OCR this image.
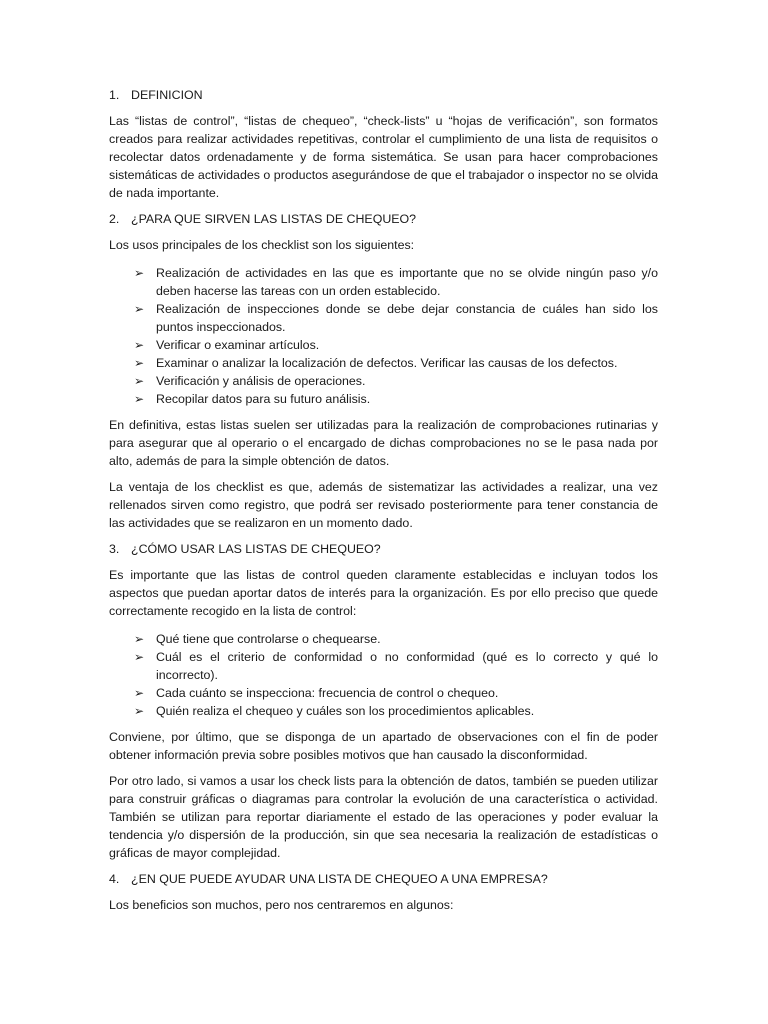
1. DEFINICION

Las “listas de control”, “listas de chequeo”, “check-lists” u “hojas de verificación”, son formatos creados para realizar actividades repetitivas, controlar el cumplimiento de una lista de requisitos o recolectar datos ordenadamente y de forma sistemática. Se usan para hacer comprobaciones sistemáticas de actividades o productos asegurándose de que el trabajador o inspector no se olvida de nada importante.

2. ¿PARA QUE SIRVEN LAS LISTAS DE CHEQUEO?

Los usos principales de los checklist son los siguientes:

➢ Realización de actividades en las que es importante que no se olvide ningún paso y/o deben hacerse las tareas con un orden establecido.
➢ Realización de inspecciones donde se debe dejar constancia de cuáles han sido los puntos inspeccionados.
➢ Verificar o examinar artículos.
➢ Examinar o analizar la localización de defectos. Verificar las causas de los defectos.
➢ Verificación y análisis de operaciones.
➢ Recopilar datos para su futuro análisis.

En definitiva, estas listas suelen ser utilizadas para la realización de comprobaciones rutinarias y para asegurar que al operario o el encargado de dichas comprobaciones no se le pasa nada por alto, además de para la simple obtención de datos.

La ventaja de los checklist es que, además de sistematizar las actividades a realizar, una vez rellenados sirven como registro, que podrá ser revisado posteriormente para tener constancia de las actividades que se realizaron en un momento dado.

3. ¿CÓMO USAR LAS LISTAS DE CHEQUEO?

Es importante que las listas de control queden claramente establecidas e incluyan todos los aspectos que puedan aportar datos de interés para la organización. Es por ello preciso que quede correctamente recogido en la lista de control:

➢ Qué tiene que controlarse o chequearse.
➢ Cuál es el criterio de conformidad o no conformidad (qué es lo correcto y qué lo incorrecto).
➢ Cada cuánto se inspecciona: frecuencia de control o chequeo.
➢ Quién realiza el chequeo y cuáles son los procedimientos aplicables.

Conviene, por último, que se disponga de un apartado de observaciones con el fin de poder obtener información previa sobre posibles motivos que han causado la disconformidad.

Por otro lado, si vamos a usar los check lists para la obtención de datos, también se pueden utilizar para construir gráficas o diagramas para controlar la evolución de una característica o actividad. También se utilizan para reportar diariamente el estado de las operaciones y poder evaluar la tendencia y/o dispersión de la producción, sin que sea necesaria la realización de estadísticas o gráficas de mayor complejidad.

4. ¿EN QUE PUEDE AYUDAR UNA LISTA DE CHEQUEO A UNA EMPRESA?

Los beneficios son muchos, pero nos centraremos en algunos:
